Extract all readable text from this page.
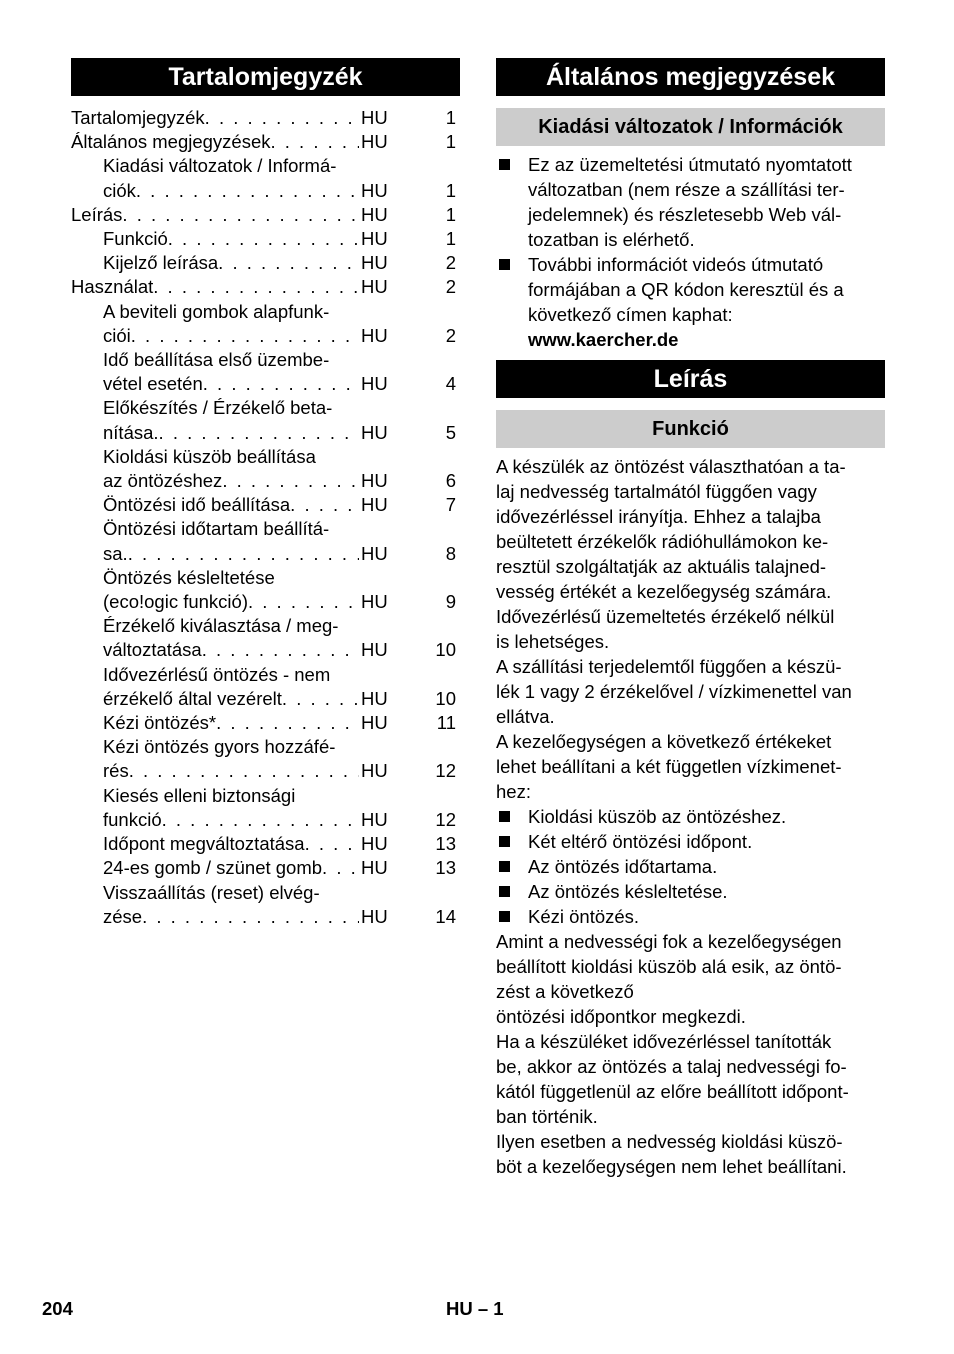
Tartalomjegyzék
Tartalomjegyzék . . .	HU	1
Általános megjegyzések . . .	HU	1
Kiadási változatok / Informá-
ciók . . .	HU	1
Leírás . . .	HU	1
Funkció . . .	HU	1
Kijelző leírása . . .	HU	2
Használat . . .	HU	2
A beviteli gombok alapfunk-
ciói . . .	HU	2
Idő beállítása első üzembe-
vétel esetén . . .	HU	4
Előkészítés / Érzékelő beta-
nítása. . . .	HU	5
Kioldási küszöb beállítása
az öntözéshez . . .	HU	6
Öntözési idő beállítása . . .	HU	7
Öntözési időtartam beállítá-
sa. . . .	HU	8
Öntözés késleltetése
(eco!ogic funkció) . . .	HU	9
Érzékelő kiválasztása / meg-
változtatása . . .	HU	10
Idővezérlésű öntözés - nem
érzékelő által vezérelt . . .	HU	10
Kézi öntözés* . . .	HU	11
Kézi öntözés gyors hozzáfé-
rés . . .	HU	12
Kiesés elleni biztonsági
funkció . . .	HU	12
Időpont megváltoztatása . . .	HU	13
24-es gomb / szünet gomb . . . HU	13
Visszaállítás (reset) elvég-
zése . . .	HU	14
Általános megjegyzések
Kiadási változatok / Információk
Ez az üzemeltetési útmutató nyomtatott
változatban (nem része a szállítási ter-
jedelemnek) és részletesebb Web vál-
tozatban is elérhető.
További információt videós útmutató
formájában a QR kódon keresztül és a
következő címen kaphat:
www.kaercher.de
Leírás
Funkció
A készülék az öntözést választhatóan a ta-
laj nedvesség tartalmától függően vagy
idővezérléssel irányítja. Ehhez a talajba
beültetett érzékelők rádióhullámokon ke-
resztül szolgáltatják az aktuális talajned-
vesség értékét a kezelőegység számára.
Idővezérlésű üzemeltetés érzékelő nélkül
is lehetséges.
A szállítási terjedelemtől függően a készü-
lék 1 vagy 2 érzékelővel / vízkimenettel van
ellátva.
A kezelőegységen a következő értékeket
lehet beállítani a két független vízkimenet-
hez:
Kioldási küszöb az öntözéshez.
Két eltérő öntözési időpont.
Az öntözés időtartama.
Az öntözés késleltetése.
Kézi öntözés.
Amint a nedvességi fok a kezelőegységen
beállított kioldási küszöb alá esik, az öntö-
zést a következő
öntözési időpontkor megkezdi.
Ha a készüléket idővezérléssel tanították
be, akkor az öntözés a talaj nedvességi fo-
kától függetlenül az előre beállított időpont-
ban történik.
Ilyen esetben a nedvesség kioldási küszö-
böt a kezelőegységen nem lehet beállítani.
204	HU – 1
